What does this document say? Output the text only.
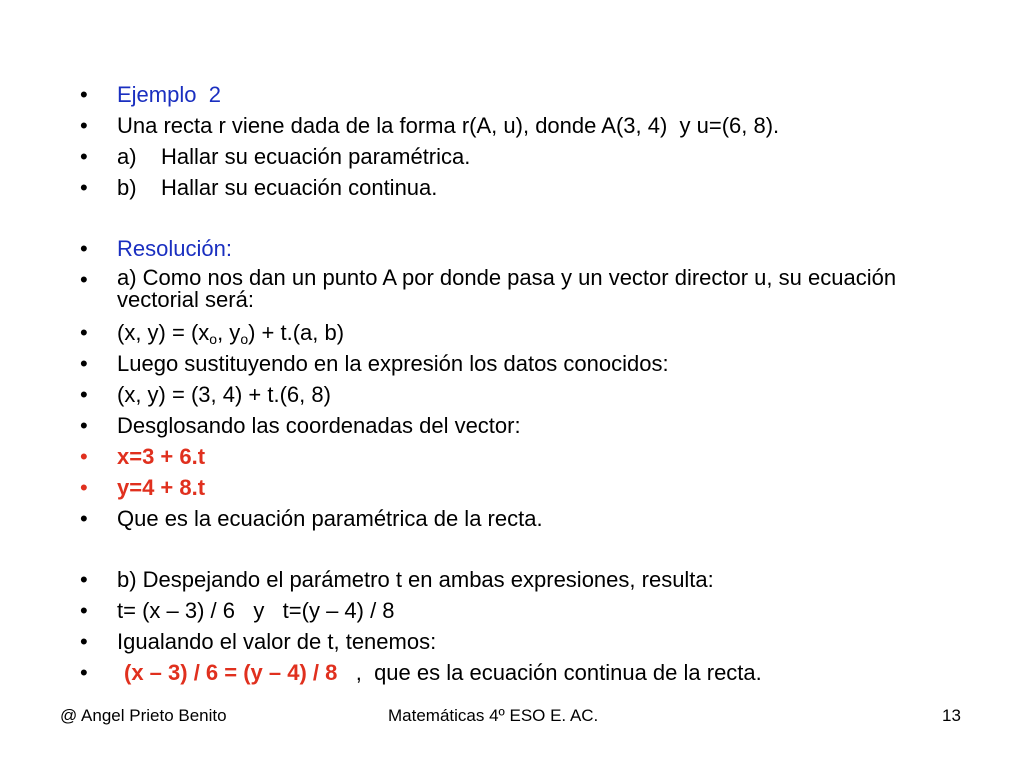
• Ejemplo  2
• Una recta r viene dada de la forma r(A, u), donde A(3, 4)  y u=(6, 8).
• a) Hallar su ecuación paramétrica.
• b) Hallar su ecuación continua.
• Resolución:
• a) Como nos dan un punto A por donde pasa y un vector director u, su ecuación vectorial será:
• (x, $y) = (x_o$, $y_o) + t.(a$, b)
• Luego sustituyendo en la expresión los datos conocidos:
• (x, y) = (3, 4) + t.(6, 8)
• Desglosando las coordenadas del vector:
• x=3 + 6.t
• y=4 + 8.t
• Que es la ecuación paramétrica de la recta.
• b) Despejando el parámetro t en ambas expresiones, resulta:
• t= (x – 3) / 6   y   t=(y – 4) / 8
• Igualando el valor de t, tenemos:
• (x – 3) / 6 = (y – 4) / 8   ,  que es la ecuación continua de la recta.
@ Angel Prieto Benito	Matemáticas 4º ESO E. AC.	13
